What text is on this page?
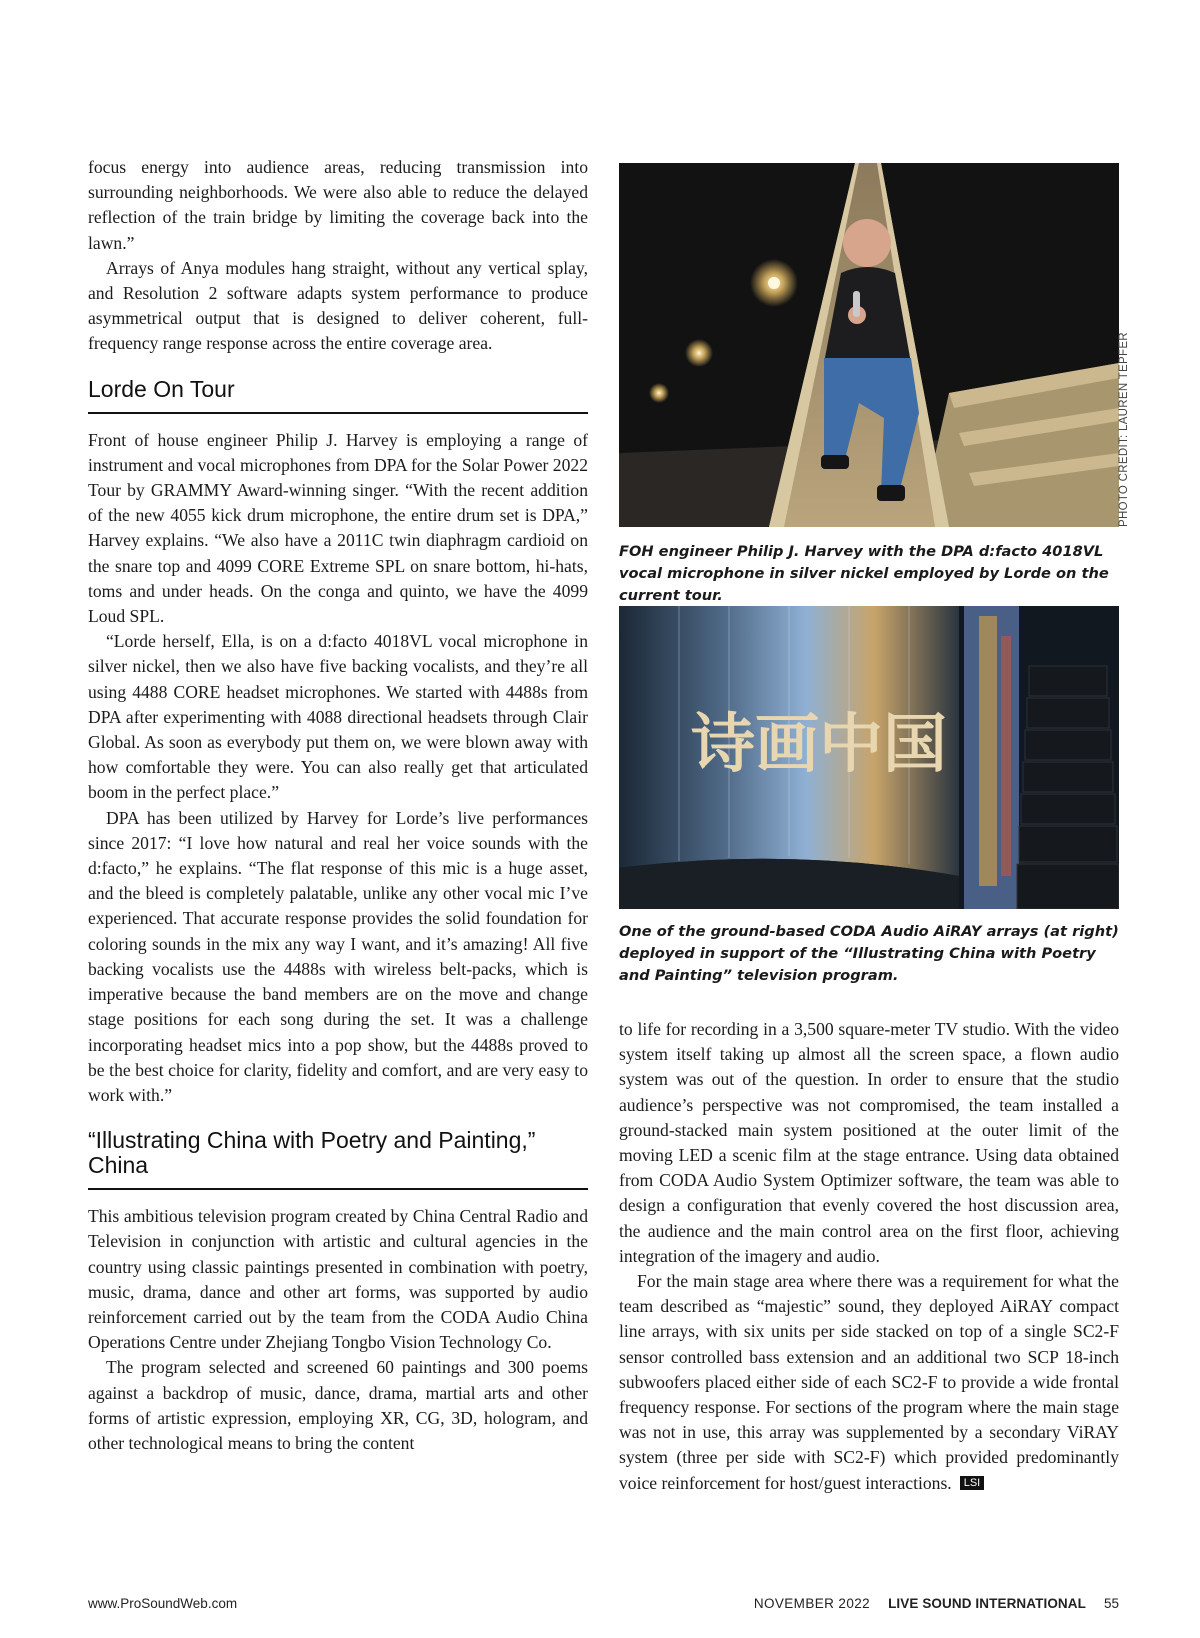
focus energy into audience areas, reducing transmission into surrounding neighborhoods. We were also able to reduce the delayed reflection of the train bridge by limiting the coverage back into the lawn.”

Arrays of Anya modules hang straight, without any vertical splay, and Resolution 2 software adapts system performance to produce asymmetrical output that is designed to deliver coherent, full-frequency range response across the entire coverage area.

Lorde On Tour

Front of house engineer Philip J. Harvey is employing a range of instrument and vocal microphones from DPA for the Solar Power 2022 Tour by GRAMMY Award-winning singer. “With the recent addition of the new 4055 kick drum microphone, the entire drum set is DPA,” Harvey explains. “We also have a 2011C twin diaphragm cardioid on the snare top and 4099 CORE Extreme SPL on snare bottom, hi-hats, toms and under heads. On the conga and quinto, we have the 4099 Loud SPL.

“Lorde herself, Ella, is on a d:facto 4018VL vocal microphone in silver nickel, then we also have five backing vocalists, and they’re all using 4488 CORE headset microphones. We started with 4488s from DPA after experimenting with 4088 directional headsets through Clair Global. As soon as everybody put them on, we were blown away with how comfortable they were. You can also really get that articulated boom in the perfect place.”

DPA has been utilized by Harvey for Lorde’s live performances since 2017: “I love how natural and real her voice sounds with the d:facto,” he explains. “The flat response of this mic is a huge asset, and the bleed is completely palatable, unlike any other vocal mic I’ve experienced. That accurate response provides the solid foundation for coloring sounds in the mix any way I want, and it’s amazing! All five backing vocalists use the 4488s with wireless belt-packs, which is imperative because the band members are on the move and change stage positions for each song during the set. It was a challenge incorporating headset mics into a pop show, but the 4488s proved to be the best choice for clarity, fidelity and comfort, and are very easy to work with.”

“Illustrating China with Poetry and Painting,” China

This ambitious television program created by China Central Radio and Television in conjunction with artistic and cultural agencies in the country using classic paintings presented in combination with poetry, music, drama, dance and other art forms, was supported by audio reinforcement carried out by the team from the CODA Audio China Operations Centre under Zhejiang Tongbo Vision Technology Co.

The program selected and screened 60 paintings and 300 poems against a backdrop of music, dance, drama, martial arts and other forms of artistic expression, employing XR, CG, 3D, hologram, and other technological means to bring the content

PHOTO CREDIT: LAUREN TEPFER

FOH engineer Philip J. Harvey with the DPA d:facto 4018VL vocal microphone in silver nickel employed by Lorde on the current tour.

诗画中国

One of the ground-based CODA Audio AiRAY arrays (at right) deployed in support of the “Illustrating China with Poetry and Painting” television program.

to life for recording in a 3,500 square-meter TV studio. With the video system itself taking up almost all the screen space, a flown audio system was out of the question. In order to ensure that the studio audience’s perspective was not compromised, the team installed a ground-stacked main system positioned at the outer limit of the moving LED a scenic film at the stage entrance. Using data obtained from CODA Audio System Optimizer software, the team was able to design a configuration that evenly covered the host discussion area, the audience and the main control area on the first floor, achieving integration of the imagery and audio.

For the main stage area where there was a requirement for what the team described as “majestic” sound, they deployed AiRAY compact line arrays, with six units per side stacked on top of a single SC2-F sensor controlled bass extension and an additional two SCP 18-inch subwoofers placed either side of each SC2-F to provide a wide frontal frequency response. For sections of the program where the main stage was not in use, this array was supplemented by a secondary ViRAY system (three per side with SC2-F) which provided predominantly voice reinforcement for host/guest interactions. LSI

www.ProSoundWeb.com	NOVEMBER 2022 LIVE SOUND INTERNATIONAL 55
